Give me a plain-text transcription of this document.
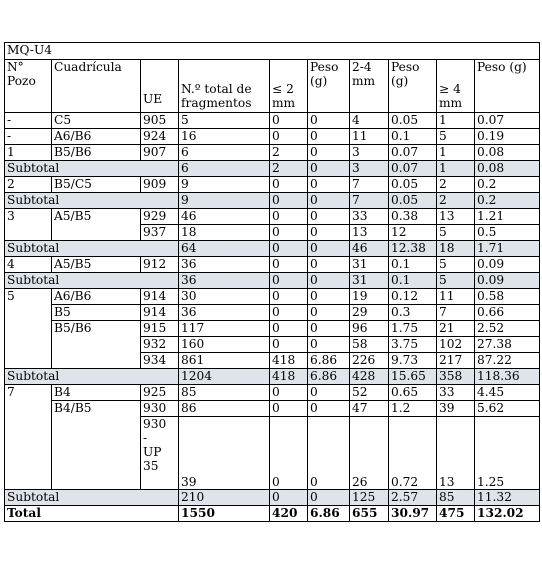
MQ-U4									
N° Pozo	Cuadrícula	UE	N.º total de fragmentos	≤ 2 mm	Peso (g)	2-4 mm	Peso (g)	≥ 4 mm	Peso (g)
-	C5	905	5	0	0	4	0.05	1	0.07
-	A6/B6	924	16	0	0	11	0.1	5	0.19
1	B5/B6	907	6	2	0	3	0.07	1	0.08
Subtotal			6	2	0	3	0.07	1	0.08
2	B5/C5	909	9	0	0	7	0.05	2	0.2
Subtotal			9	0	0	7	0.05	2	0.2
3	A5/B5	929	46	0	0	33	0.38	13	1.21
		937	18	0	0	13	12	5	0.5
Subtotal			64	0	0	46	12.38	18	1.71
4	A5/B5	912	36	0	0	31	0.1	5	0.09
Subtotal			36	0	0	31	0.1	5	0.09
5	A6/B6	914	30	0	0	19	0.12	11	0.58
	B5	914	36	0	0	29	0.3	7	0.66
	B5/B6	915	117	0	0	96	1.75	21	2.52
		932	160	0	0	58	3.75	102	27.38
		934	861	418	6.86	226	9.73	217	87.22
Subtotal			1204	418	6.86	428	15.65	358	118.36
7	B4	925	85	0	0	52	0.65	33	4.45
	B4/B5	930	86	0	0	47	1.2	39	5.62
		930 - UP 35	39	0	0	26	0.72	13	1.25
Subtotal			210	0	0	125	2.57	85	11.32
Total			1550	420	6.86	655	30.97	475	132.02
